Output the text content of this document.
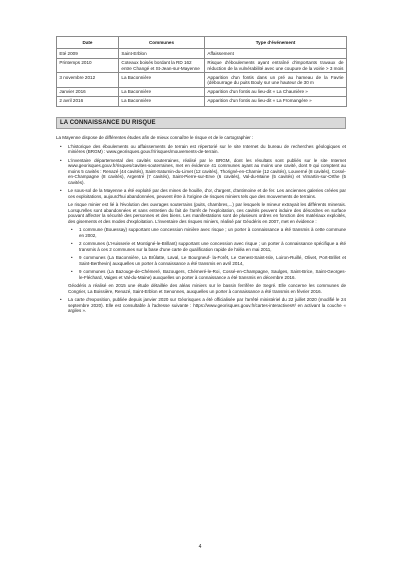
Date	Communes	Type d'événement
Eté 2009	Saint-Erblon	Affaissement
Printemps 2010	Coteaux boisés bordant la RD 162 entre Changé et St-Jean-sur-Mayenne	Risque d'éboulements ayant entraîné d'importants travaux de réduction de la vulnérabilité avec une coupure de la voirie > 3 mois
3 novembre 2012	La Baconnière	Apparition d'un fontis dans un pré au hameau de la Favrie (débourrage du puits Bouly sur une hauteur de 30 m
Janvier 2016	La Baconnière	Apparition d'un fontis au lieu-dit « La Chaunière »
2 avril 2016	La Baconnière	Apparition d'un fontis au lieu-dit « La Fromangère »
LA CONNAISSANCE DU RISQUE

La Mayenne dispose de différentes études afin de mieux connaître le risque et de le cartographier :

• L'historique des éboulements ou affaissements de terrain est répertorié sur le site Internet du bureau de recherches géologiques et minières (BRGM) : www.georisques.gouv.fr/risques/mouvements-de-terrain.
• L'inventaire départemental des cavités souterraines, réalisé par le BRGM, dont les résultats sont publiés sur le site Internet www.georisques.gouv.fr/risques/cavites-souterraines, met en évidence 41 communes ayant au moins une cavité, dont 9 qui comptent au moins 5 cavités : Renazé (44 cavités), Saint-Saturnin-du-Limet (12 cavités), Thorigné-en-Charnie (12 cavités), Louverné (8 cavités), Cossé-en-Champagne (8 cavités), Argentré (7 cavités), Saint-Pierre-sur-Erve (6 cavités), Val-du-Maine (5 cavités) et Vimartin-sur-Orthe (5 cavités).
• Le sous-sol de la Mayenne a été exploité par des mines de houille, d'or, d'argent, d'antimoine et de fer. Les anciennes galeries créées par ces exploitations, aujourd'hui abandonnées, peuvent être à l'origine de risques miniers tels que des mouvements de terrains.

Le risque minier est lié à l'évolution des ouvrages souterrains (puits, chambres,...) par lesquels le mineur extrayait les différents minerais. Lorsqu'elles sont abandonnées et sans entretien du fait de l'arrêt de l'exploitation, ces cavités peuvent induire des désordres en surface pouvant affecter la sécurité des personnes et des biens. Les manifestations sont de plusieurs ordres en fonction des matériaux exploités, des gisements et des modes d'exploitation. L'inventaire des risques miniers, réalisé par Géodéris en 2007, met en évidence :

• 1 commune (Bouessay) supportant une concession minière avec risque ; un porter à connaissance a été transmis à cette commune en 2002,
• 2 communes (L'Huisserie et Montigné-le-Brillant) supportant une concession avec risque ; un porter à connaissance spécifique a été transmis à ces 2 communes sur la base d'une carte de qualification rapide de l'aléa en mai 2011,
• 9 communes (La Baconnière, La Brûlatte, Laval, Le Bourgneuf- la-Forêt, Le Genest-Saint-Isle, Loiron-Ruillé, Olivet, Port-Brillet et Saint-Berthevin) auxquelles un porter à connaissance a été transmis en avril 2014,
• 9 communes (La Bazouge-de-Chémeré, Bazougers, Chémeré-le-Roi, Cossé-en-Champagne, Saulges, Saint-Brice, Saint-Georges- le-Fléchard, Vaiges et Val-du-Maine) auxquelles un porter à connaissance a été transmis en décembre 2016.

Géodéris a réalisé en 2015 une étude détaillée des aléas miniers sur le bassin ferrifère de Segré. Elle concerne les communes de Congrier, La Boissière, Renazé, Saint-Erblon et Senonnes, auxquelles un porter à connaissance a été transmis en février 2016.

• La carte d'exposition, publiée depuis janvier 2020 sur Géorisques a été officialisée par l'arrêté ministériel du 22 juillet 2020 (modifié le 24 septembre 2020). Elle est consultable à l'adresse suivante : https://www.georisques.gouv.fr/cartes-interactives#/ en activant la couche « argiles ».
4
